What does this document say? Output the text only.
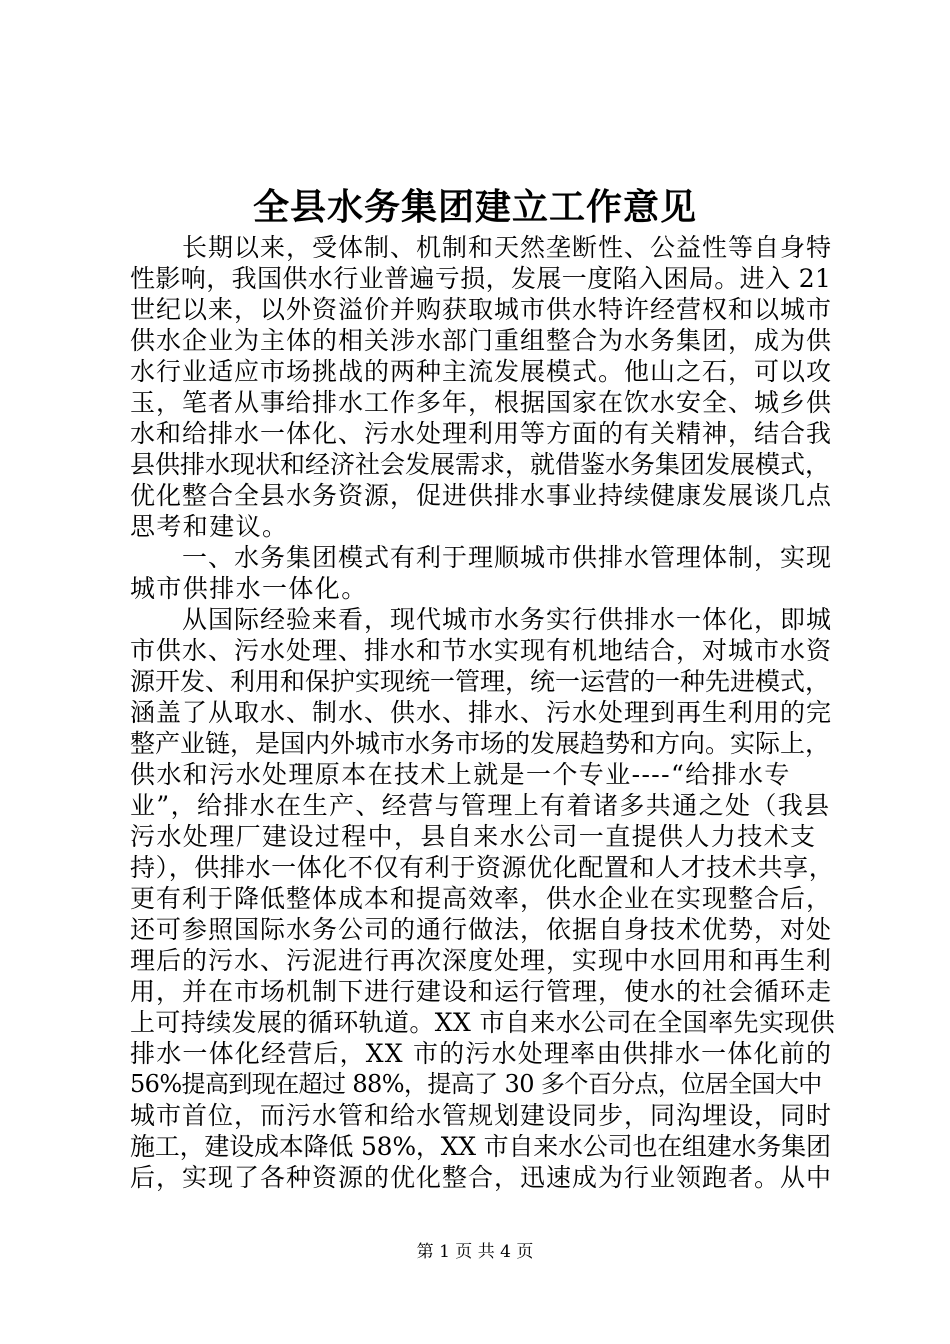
全县水务集团建立工作意见
　　长期以来，受体制、机制和天然垄断性、公益性等自身特
性影响，我国供水行业普遍亏损，发展一度陷入困局。进入 21
世纪以来，以外资溢价并购获取城市供水特许经营权和以城市
供水企业为主体的相关涉水部门重组整合为水务集团，成为供
水行业适应市场挑战的两种主流发展模式。他山之石，可以攻
玉，笔者从事给排水工作多年，根据国家在饮水安全、城乡供
水和给排水一体化、污水处理利用等方面的有关精神，结合我
县供排水现状和经济社会发展需求，就借鉴水务集团发展模式，
优化整合全县水务资源，促进供排水事业持续健康发展谈几点
思考和建议。
　　一、水务集团模式有利于理顺城市供排水管理体制，实现
城市供排水一体化。
　　从国际经验来看，现代城市水务实行供排水一体化，即城
市供水、污水处理、排水和节水实现有机地结合，对城市水资
源开发、利用和保护实现统一管理，统一运营的一种先进模式，
涵盖了从取水、制水、供水、排水、污水处理到再生利用的完
整产业链，是国内外城市水务市场的发展趋势和方向。实际上，
供水和污水处理原本在技术上就是一个专业----“给排水专
业”，给排水在生产、经营与管理上有着诸多共通之处（我县
污水处理厂建设过程中，县自来水公司一直提供人力技术支
持），供排水一体化不仅有利于资源优化配置和人才技术共享，
更有利于降低整体成本和提高效率，供水企业在实现整合后，
还可参照国际水务公司的通行做法，依据自身技术优势，对处
理后的污水、污泥进行再次深度处理，实现中水回用和再生利
用，并在市场机制下进行建设和运行管理，使水的社会循环走
上可持续发展的循环轨道。XX 市自来水公司在全国率先实现供
排水一体化经营后，XX 市的污水处理率由供排水一体化前的
56%提高到现在超过 88%，提高了 30 多个百分点，位居全国大中
城市首位，而污水管和给水管规划建设同步，同沟埋设，同时
施工，建设成本降低 58%，XX 市自来水公司也在组建水务集团
后，实现了各种资源的优化整合，迅速成为行业领跑者。从中
第 1 页 共 4 页
